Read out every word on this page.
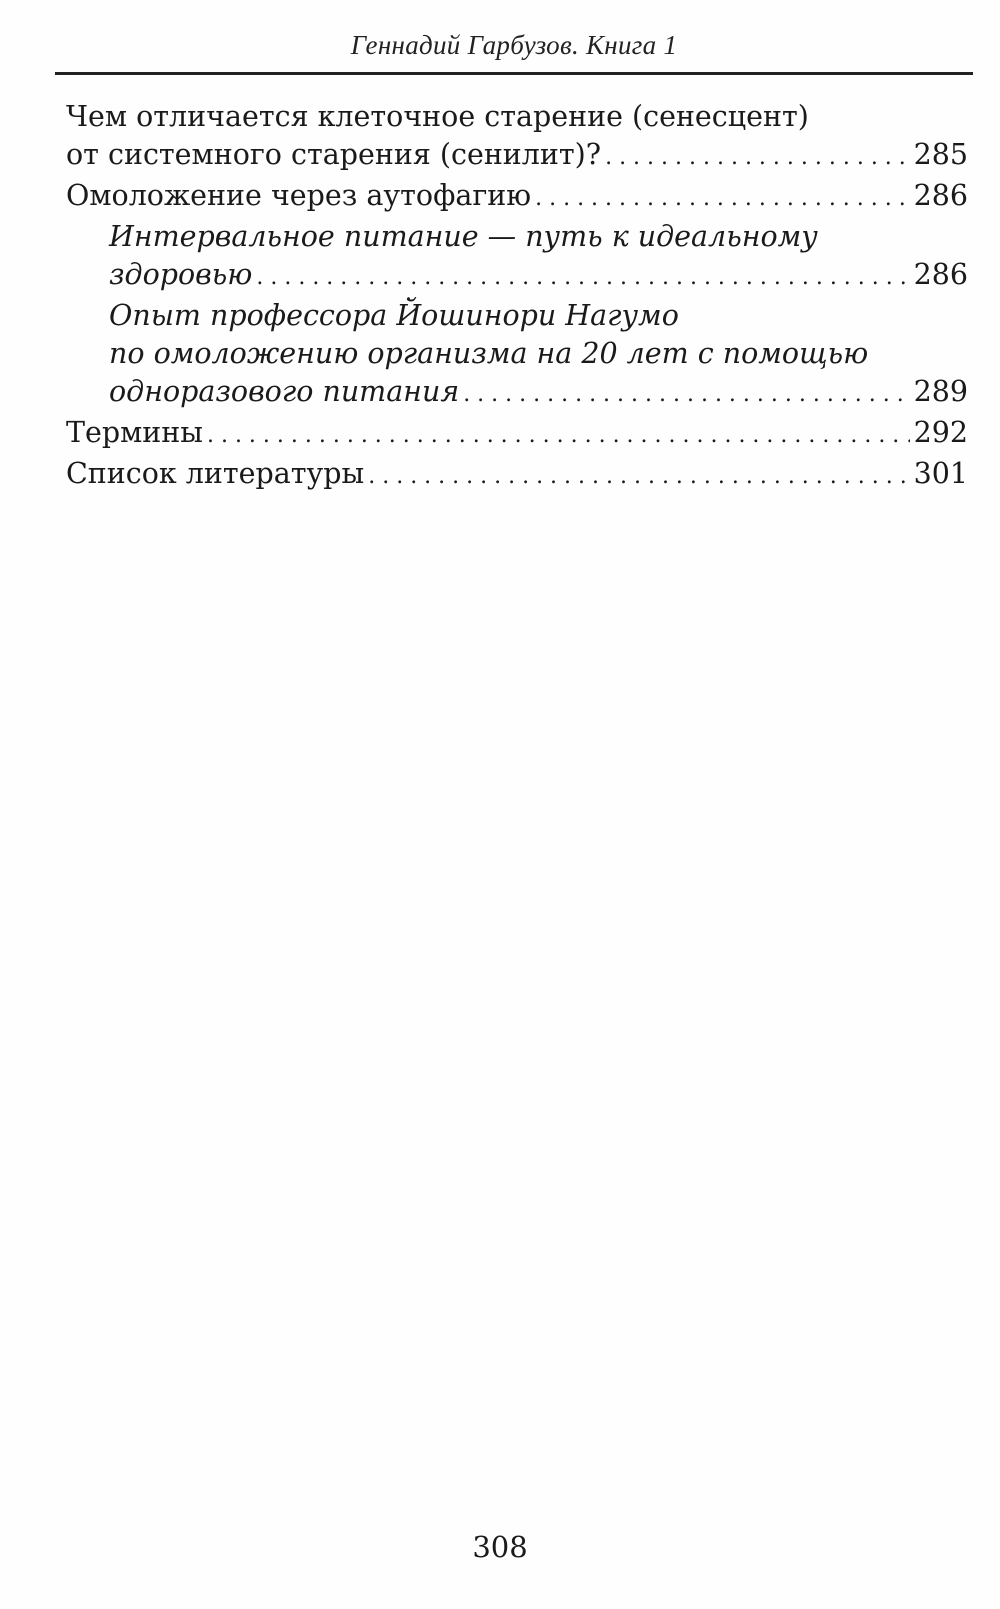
Геннадий Гарбузов. Книга 1
Чем отличается клеточное старение (сенесцент)
от системного старения (сенилит)? . . .	285
Омоложение через аутофагию . . .	286
Интервальное питание — путь к идеальному
здоровью . . .	286
Опыт профессора Йошинори Нагумо
по омоложению организма на 20 лет с помощью
одноразового питания . . .	289
Термины . . .	292
Список литературы . . .	301
308
